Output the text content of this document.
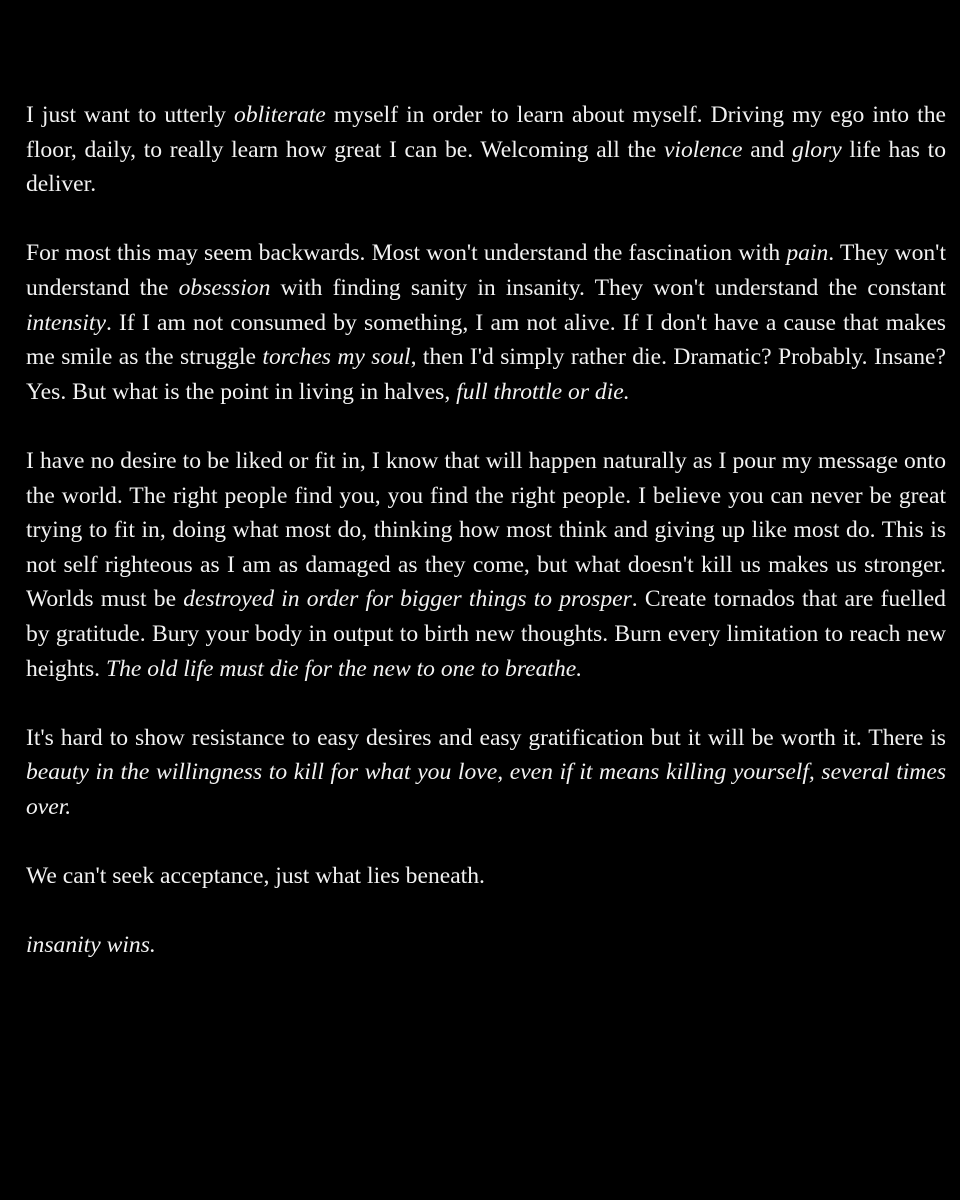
I just want to utterly obliterate myself in order to learn about myself. Driving my ego into the floor, daily, to really learn how great I can be. Welcoming all the violence and glory life has to deliver.

For most this may seem backwards. Most won't understand the fascination with pain. They won't understand the obsession with finding sanity in insanity. They won't understand the constant intensity. If I am not consumed by something, I am not alive. If I don't have a cause that makes me smile as the struggle torches my soul, then I'd simply rather die. Dramatic? Probably. Insane? Yes. But what is the point in living in halves, full throttle or die.

I have no desire to be liked or fit in, I know that will happen naturally as I pour my message onto the world. The right people find you, you find the right people. I believe you can never be great trying to fit in, doing what most do, thinking how most think and giving up like most do. This is not self righteous as I am as damaged as they come, but what doesn't kill us makes us stronger. Worlds must be destroyed in order for bigger things to prosper. Create tornados that are fuelled by gratitude. Bury your body in output to birth new thoughts. Burn every limitation to reach new heights. The old life must die for the new to one to breathe.

It's hard to show resistance to easy desires and easy gratification but it will be worth it. There is beauty in the willingness to kill for what you love, even if it means killing yourself, several times over.

We can't seek acceptance, just what lies beneath.

insanity wins.
